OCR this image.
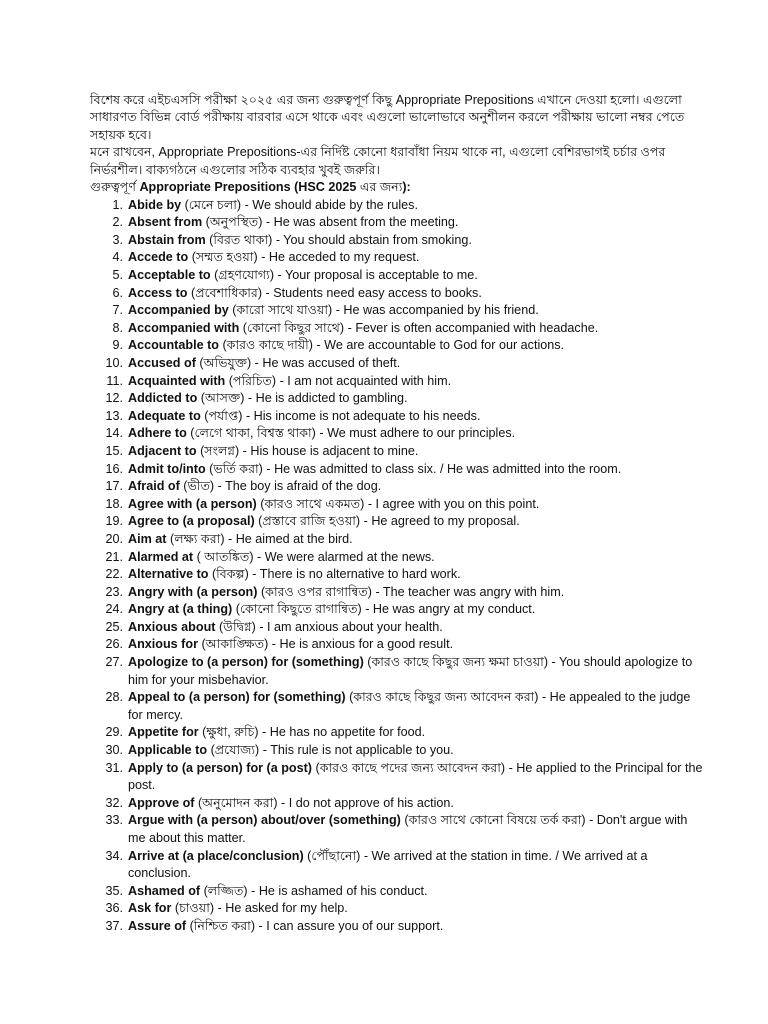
বিশেষ করে এইচএসসি পরীক্ষা ২০২৫ এর জন্য গুরুত্বপূর্ণ কিছু Appropriate Prepositions এখানে দেওয়া হলো। এগুলো সাধারণত বিভিন্ন বোর্ড পরীক্ষায় বারবার এসে থাকে এবং এগুলো ভালোভাবে অনুশীলন করলে পরীক্ষায় ভালো নম্বর পেতে সহায়ক হবে।

মনে রাখবেন, Appropriate Prepositions-এর নির্দিষ্ট কোনো ধরাবাঁধা নিয়ম থাকে না, এগুলো বেশিরভাগই চর্চার ওপর নির্ভরশীল। বাক্যগঠনে এগুলোর সঠিক ব্যবহার খুবই জরুরি।

গুরুত্বপূর্ণ Appropriate Prepositions (HSC 2025 এর জন্য):

1. Abide by (মেনে চলা) - We should abide by the rules.
2. Absent from (অনুপস্থিত) - He was absent from the meeting.
3. Abstain from (বিরত থাকা) - You should abstain from smoking.
4. Accede to (সম্মত হওয়া) - He acceded to my request.
5. Acceptable to (গ্রহণযোগ্য) - Your proposal is acceptable to me.
6. Access to (প্রবেশাধিকার) - Students need easy access to books.
7. Accompanied by (কারো সাথে যাওয়া) - He was accompanied by his friend.
8. Accompanied with (কোনো কিছুর সাথে) - Fever is often accompanied with headache.
9. Accountable to (কারও কাছে দায়ী) - We are accountable to God for our actions.
10. Accused of (অভিযুক্ত) - He was accused of theft.
11. Acquainted with (পরিচিত) - I am not acquainted with him.
12. Addicted to (আসক্ত) - He is addicted to gambling.
13. Adequate to (পর্যাপ্ত) - His income is not adequate to his needs.
14. Adhere to (লেগে থাকা, বিশ্বস্ত থাকা) - We must adhere to our principles.
15. Adjacent to (সংলগ্ন) - His house is adjacent to mine.
16. Admit to/into (ভর্তি করা) - He was admitted to class six. / He was admitted into the room.
17. Afraid of (ভীত) - The boy is afraid of the dog.
18. Agree with (a person) (কারও সাথে একমত) - I agree with you on this point.
19. Agree to (a proposal) (প্রস্তাবে রাজি হওয়া) - He agreed to my proposal.
20. Aim at (লক্ষ্য করা) - He aimed at the bird.
21. Alarmed at ( আতঙ্কিত) - We were alarmed at the news.
22. Alternative to (বিকল্প) - There is no alternative to hard work.
23. Angry with (a person) (কারও ওপর রাগান্বিত) - The teacher was angry with him.
24. Angry at (a thing) (কোনো কিছুতে রাগান্বিত) - He was angry at my conduct.
25. Anxious about (উদ্বিগ্ন) - I am anxious about your health.
26. Anxious for (আকাঙ্ক্ষিত) - He is anxious for a good result.
27. Apologize to (a person) for (something) (কারও কাছে কিছুর জন্য ক্ষমা চাওয়া) - You should apologize to him for your misbehavior.
28. Appeal to (a person) for (something) (কারও কাছে কিছুর জন্য আবেদন করা) - He appealed to the judge for mercy.
29. Appetite for (ক্ষুধা, রুচি) - He has no appetite for food.
30. Applicable to (প্রযোজ্য) - This rule is not applicable to you.
31. Apply to (a person) for (a post) (কারও কাছে পদের জন্য আবেদন করা) - He applied to the Principal for the post.
32. Approve of (অনুমোদন করা) - I do not approve of his action.
33. Argue with (a person) about/over (something) (কারও সাথে কোনো বিষয়ে তর্ক করা) - Don't argue with me about this matter.
34. Arrive at (a place/conclusion) (পৌঁছানো) - We arrived at the station in time. / We arrived at a conclusion.
35. Ashamed of (লজ্জিত) - He is ashamed of his conduct.
36. Ask for (চাওয়া) - He asked for my help.
37. Assure of (নিশ্চিত করা) - I can assure you of our support.
